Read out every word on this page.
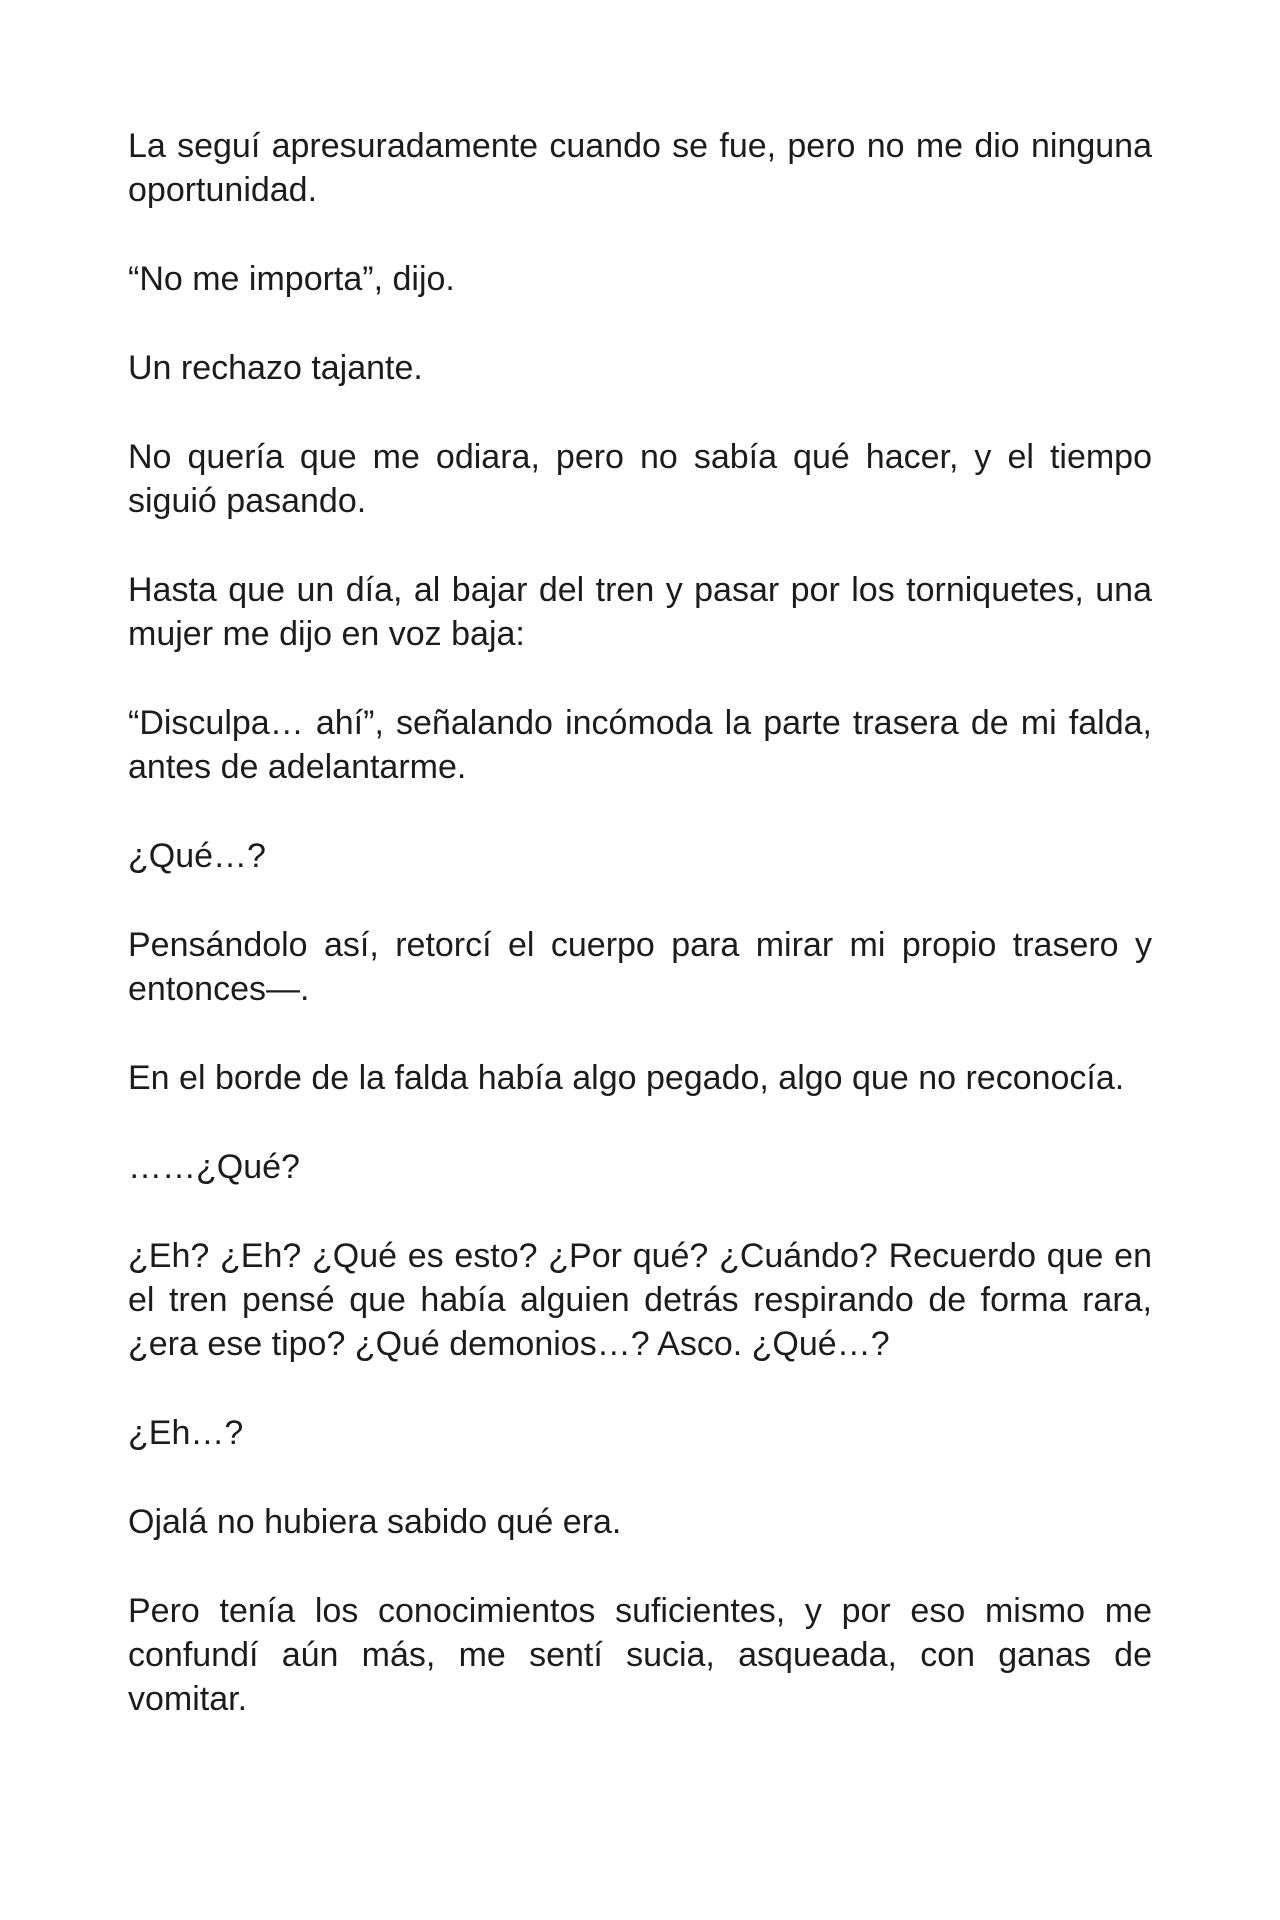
La seguí apresuradamente cuando se fue, pero no me dio ninguna oportunidad.

“No me importa”, dijo.

Un rechazo tajante.

No quería que me odiara, pero no sabía qué hacer, y el tiempo siguió pasando.

Hasta que un día, al bajar del tren y pasar por los torniquetes, una mujer me dijo en voz baja:

“Disculpa… ahí”, señalando incómoda la parte trasera de mi falda, antes de adelantarme.

¿Qué…?

Pensándolo así, retorcí el cuerpo para mirar mi propio trasero y entonces—.

En el borde de la falda había algo pegado, algo que no reconocía.

……¿Qué?

¿Eh? ¿Eh? ¿Qué es esto? ¿Por qué? ¿Cuándo? Recuerdo que en el tren pensé que había alguien detrás respirando de forma rara, ¿era ese tipo? ¿Qué demonios…? Asco. ¿Qué…?

¿Eh…?

Ojalá no hubiera sabido qué era.

Pero tenía los conocimientos suficientes, y por eso mismo me confundí aún más, me sentí sucia, asqueada, con ganas de vomitar.
